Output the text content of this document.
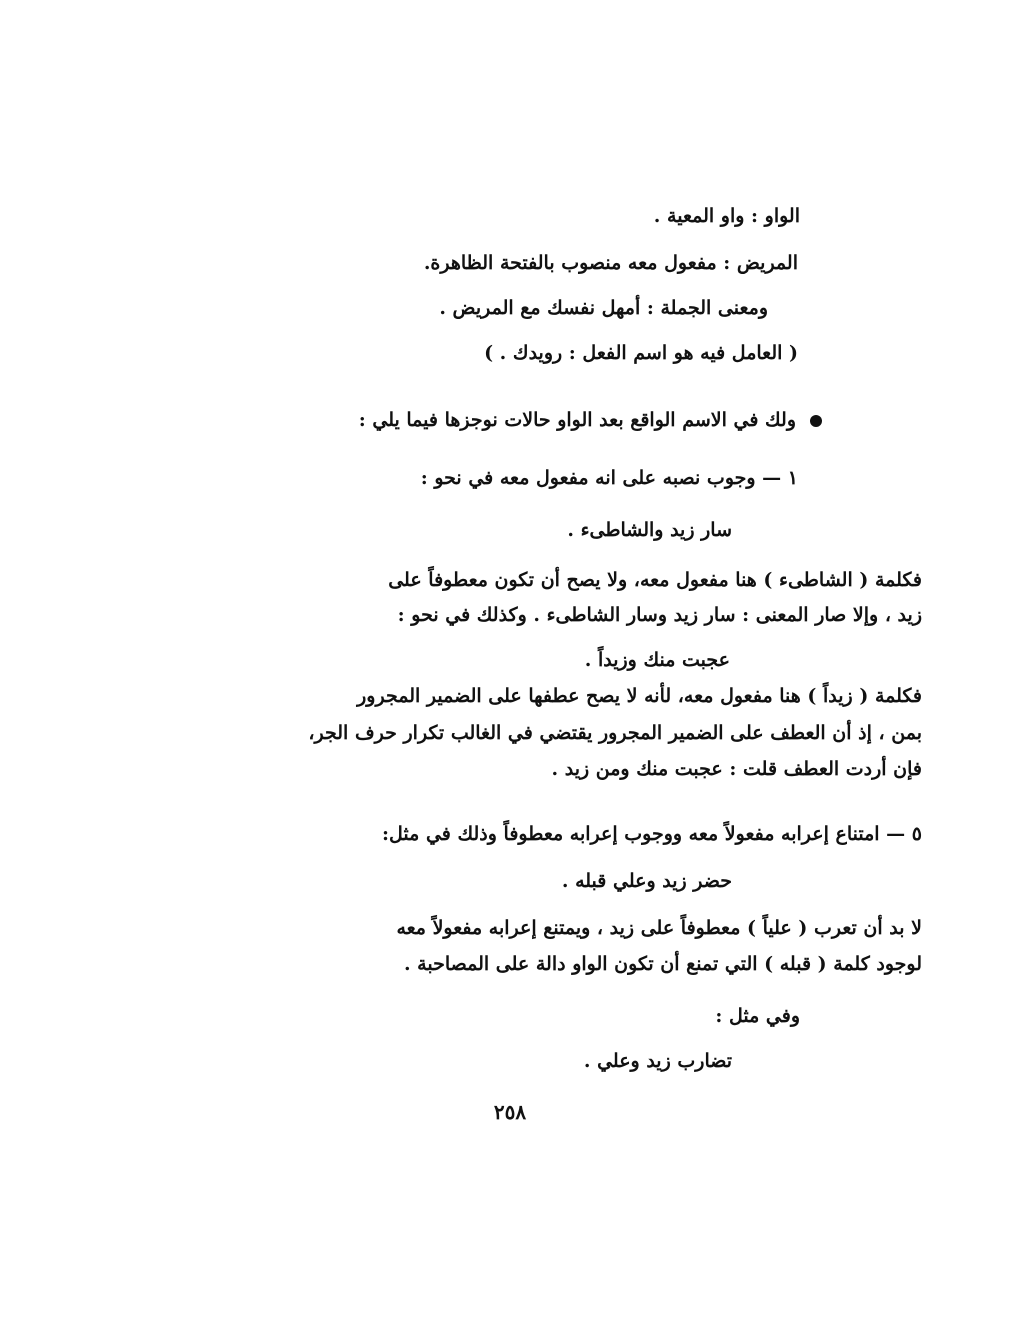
الواو : واو المعية .
المريض : مفعول معه منصوب بالفتحة الظاهرة.
ومعنى الجملة : أمهل نفسك مع المريض .
( العامل فيه هو اسم الفعل : رويدك . )
ولك في الاسم الواقع بعد الواو حالات نوجزها فيما يلي :
١ — وجوب نصبه على انه مفعول معه في نحو :
سار زيد والشاطىء .
فكلمة ( الشاطىء ) هنا مفعول معه، ولا يصح أن تكون معطوفاً على
زيد ، وإلا صار المعنى : سار زيد وسار الشاطىء . وكذلك في نحو :
عجبت منك وزيداً .
فكلمة ( زيداً ) هنا مفعول معه، لأنه لا يصح عطفها على الضمير المجرور
بمن ، إذ أن العطف على الضمير المجرور يقتضي في الغالب تكرار حرف الجر،
فإن أردت العطف قلت : عجبت منك ومن زيد .
٥ — امتناع إعرابه مفعولاً معه ووجوب إعرابه معطوفاً وذلك في مثل:
حضر زيد وعلي قبله .
لا بد أن تعرب ( علياً ) معطوفاً على زيد ، ويمتنع إعرابه مفعولاً معه
لوجود كلمة ( قبله ) التي تمنع أن تكون الواو دالة على المصاحبة .
وفي مثل :
تضارب زيد وعلي .
٢٥٨
